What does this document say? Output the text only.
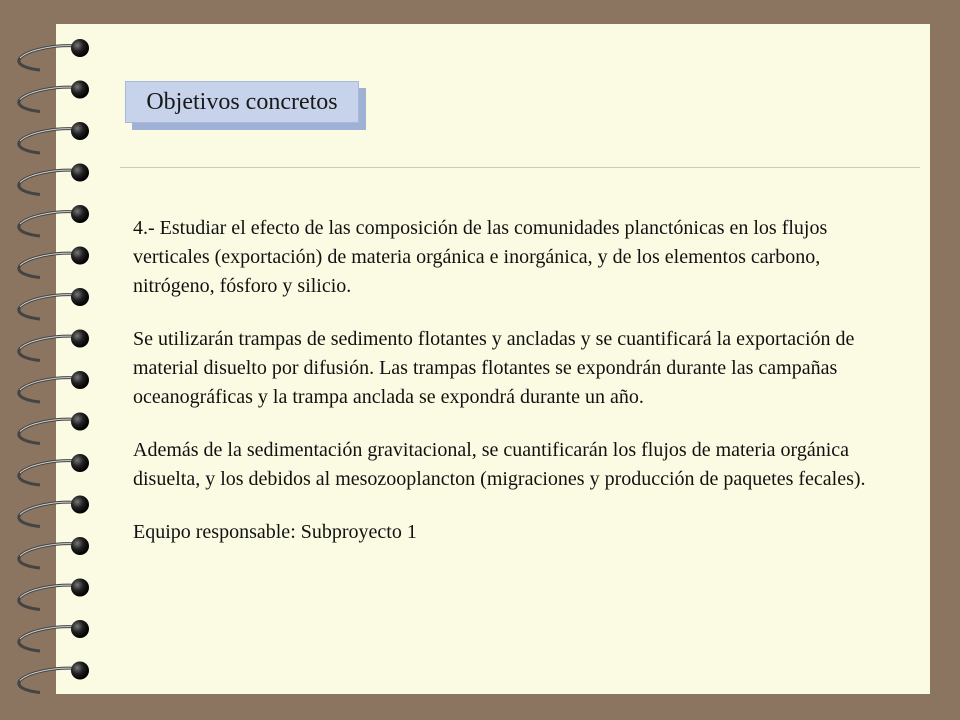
Objetivos concretos

4.- Estudiar el efecto de las composición de las comunidades planctónicas en los flujos verticales (exportación) de materia orgánica e inorgánica, y de los elementos carbono, nitrógeno, fósforo y silicio.

Se utilizarán trampas de sedimento flotantes y ancladas y se cuantificará la exportación de material disuelto por difusión. Las trampas flotantes se expondrán durante las campañas oceanográficas y la trampa anclada se expondrá durante un año.

Además de la sedimentación gravitacional, se cuantificarán los flujos de materia orgánica disuelta, y los debidos al mesozooplancton (migraciones y producción de paquetes fecales).

Equipo responsable: Subproyecto 1
